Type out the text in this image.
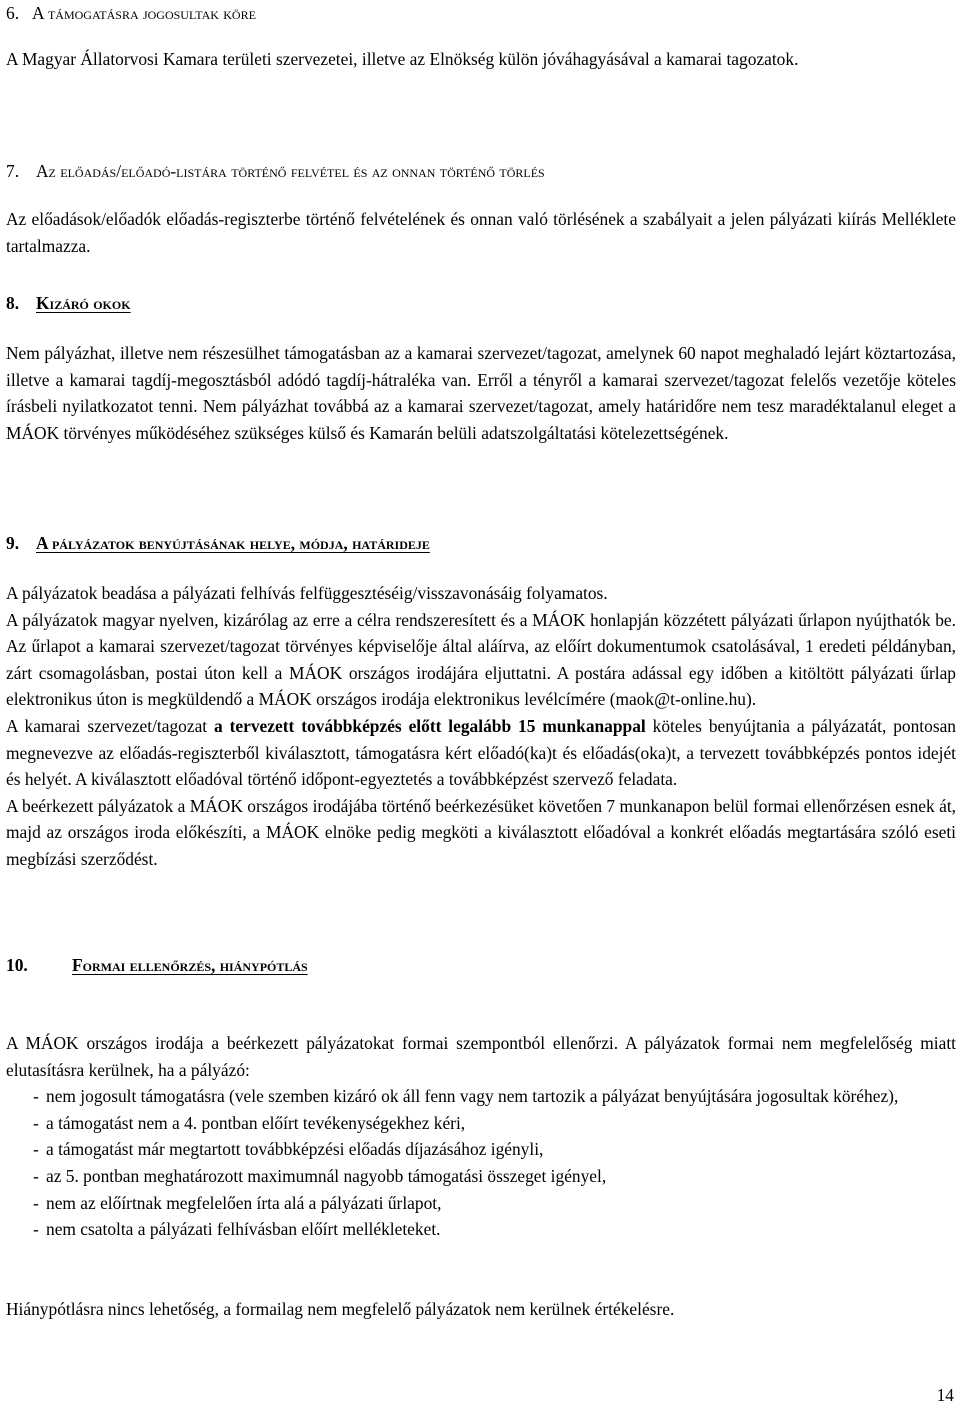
6. A támogatásra jogosultak köre

A Magyar Állatorvosi Kamara területi szervezetei, illetve az Elnökség külön jóváhagyásával a kamarai tagozatok.

7. Az előadás/előadó-listára történő felvétel és az onnan történő törlés

Az előadások/előadók előadás-regiszterbe történő felvételének és onnan való törlésének a szabályait a jelen pályázati kiírás Melléklete tartalmazza.

8. Kizáró okok

Nem pályázhat, illetve nem részesülhet támogatásban az a kamarai szervezet/tagozat, amelynek 60 napot meghaladó lejárt köztartozása, illetve a kamarai tagdíj-megosztásból adódó tagdíj-hátraléka van. Erről a tényről a kamarai szervezet/tagozat felelős vezetője köteles írásbeli nyilatkozatot tenni. Nem pályázhat továbbá az a kamarai szervezet/tagozat, amely határidőre nem tesz maradéktalanul eleget a MÁOK törvényes működéséhez szükséges külső és Kamarán belüli adatszolgáltatási kötelezettségének.

9. A pályázatok benyújtásának helye, módja, határideje

A pályázatok beadása a pályázati felhívás felfüggesztéséig/visszavonásáig folyamatos.

A pályázatok magyar nyelven, kizárólag az erre a célra rendszeresített és a MÁOK honlapján közzétett pályázati űrlapon nyújthatók be. Az űrlapot a kamarai szervezet/tagozat törvényes képviselője által aláírva, az előírt dokumentumok csatolásával, 1 eredeti példányban, zárt csomagolásban, postai úton kell a MÁOK országos irodájára eljuttatni. A postára adással egy időben a kitöltött pályázati űrlap elektronikus úton is megküldendő a MÁOK országos irodája elektronikus levélcímére (maok@t-online.hu).

A kamarai szervezet/tagozat a tervezett továbbképzés előtt legalább 15 munkanappal köteles benyújtania a pályázatát, pontosan megnevezve az előadás-regiszterből kiválasztott, támogatásra kért előadó(ka)t és előadás(oka)t, a tervezett továbbképzés pontos idejét és helyét. A kiválasztott előadóval történő időpont-egyeztetés a továbbképzést szervező feladata.

A beérkezett pályázatok a MÁOK országos irodájába történő beérkezésüket követően 7 munkanapon belül formai ellenőrzésen esnek át, majd az országos iroda előkészíti, a MÁOK elnöke pedig megköti a kiválasztott előadóval a konkrét előadás megtartására szóló eseti megbízási szerződést.

10.	Formai ellenőrzés, hiánypótlás

A MÁOK országos irodája a beérkezett pályázatokat formai szempontból ellenőrzi. A pályázatok formai nem megfelelőség miatt elutasításra kerülnek, ha a pályázó:

- nem jogosult támogatásra (vele szemben kizáró ok áll fenn vagy nem tartozik a pályázat benyújtására jogosultak köréhez),
- a támogatást nem a 4. pontban előírt tevékenységekhez kéri,
- a támogatást már megtartott továbbképzési előadás díjazásához igényli,
- az 5. pontban meghatározott maximumnál nagyobb támogatási összeget igényel,
- nem az előírtnak megfelelően írta alá a pályázati űrlapot,
- nem csatolta a pályázati felhívásban előírt mellékleteket.

Hiánypótlásra nincs lehetőség, a formailag nem megfelelő pályázatok nem kerülnek értékelésre.

14
